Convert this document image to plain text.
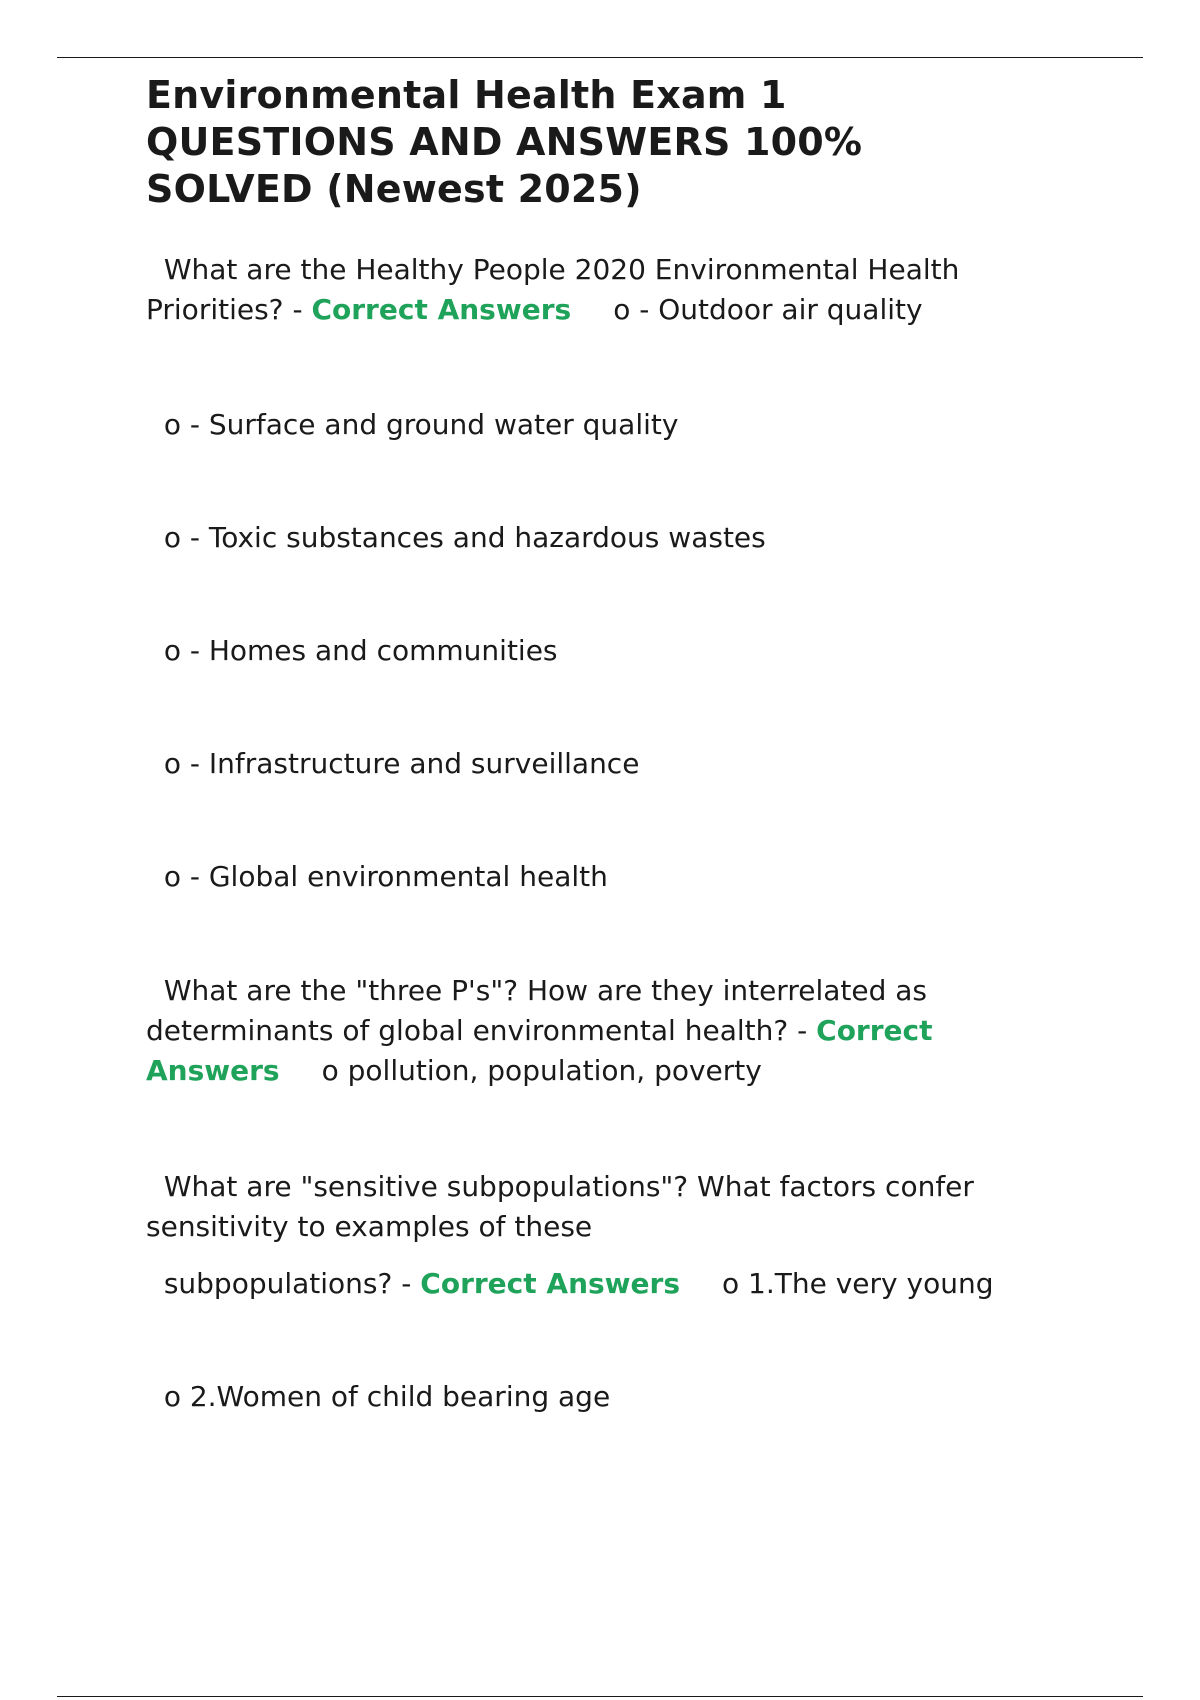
Environmental Health Exam 1
QUESTIONS AND ANSWERS 100%
SOLVED (Newest 2025)

What are the Healthy People 2020 Environmental Health
Priorities? - Correct Answers o - Outdoor air quality

o - Surface and ground water quality

o - Toxic substances and hazardous wastes

o - Homes and communities

o - Infrastructure and surveillance

o - Global environmental health

What are the "three P's"? How are they interrelated as
determinants of global environmental health? - Correct
Answers o pollution, population, poverty

What are "sensitive subpopulations"? What factors confer
sensitivity to examples of these

subpopulations? - Correct Answers o 1.The very young

o 2.Women of child bearing age
